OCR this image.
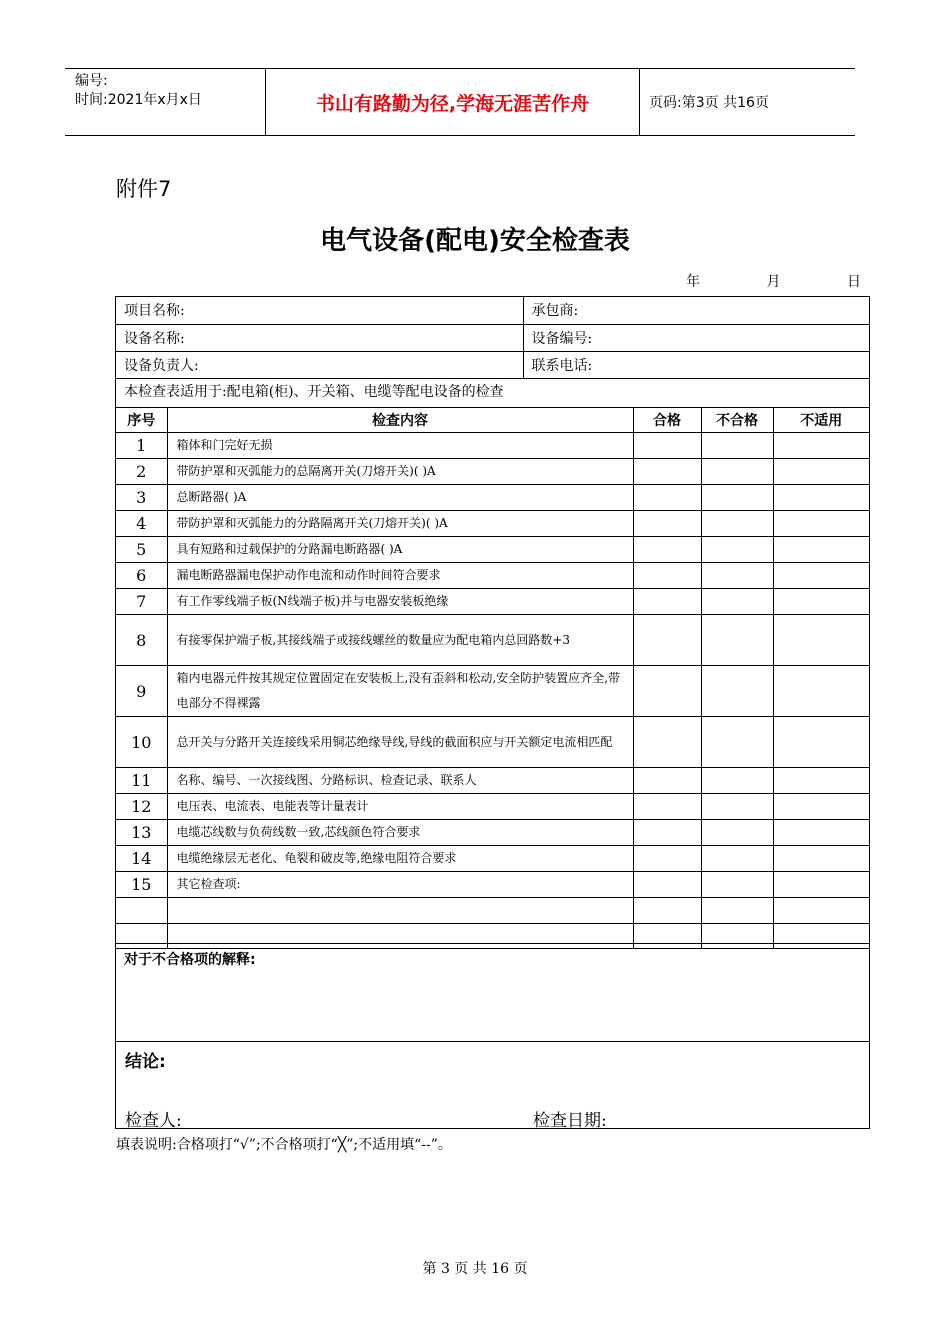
编号:
时间:2021年x月x日	书山有路勤为径,学海无涯苦作舟	页码:第3页 共16页
附件7
电气设备(配电)安全检查表
年	月	日
项目名称:	承包商:
设备名称:	设备编号:
设备负责人:	联系电话:
本检查表适用于:配电箱(柜)、开关箱、电缆等配电设备的检查
序号	检查内容	合格	不合格	不适用
1	箱体和门完好无损			
2	带防护罩和灭弧能力的总隔离开关(刀熔开关)( )A			
3	总断路器( )A			
4	带防护罩和灭弧能力的分路隔离开关(刀熔开关)( )A			
5	具有短路和过载保护的分路漏电断路器( )A			
6	漏电断路器漏电保护动作电流和动作时间符合要求			
7	有工作零线端子板(N线端子板)并与电器安装板绝缘			
8	有接零保护端子板,其接线端子或接线螺丝的数量应为配电箱内总回路数+3			
9	箱内电器元件按其规定位置固定在安装板上,没有歪斜和松动,安全防护装置应齐全,带电部分不得裸露			
10	总开关与分路开关连接线采用铜芯绝缘导线,导线的截面积应与开关额定电流相匹配			
11	名称、编号、一次接线图、分路标识、检查记录、联系人			
12	电压表、电流表、电能表等计量表计			
13	电缆芯线数与负荷线数一致,芯线颜色符合要求			
14	电缆绝缘层无老化、龟裂和破皮等,绝缘电阻符合要求			
15	其它检查项:			

对于不合格项的解释:
结论:
检查人:	检查日期:
填表说明:合格项打“√”;不合格项打“╳”;不适用填“--”。
第 3 页 共 16 页
